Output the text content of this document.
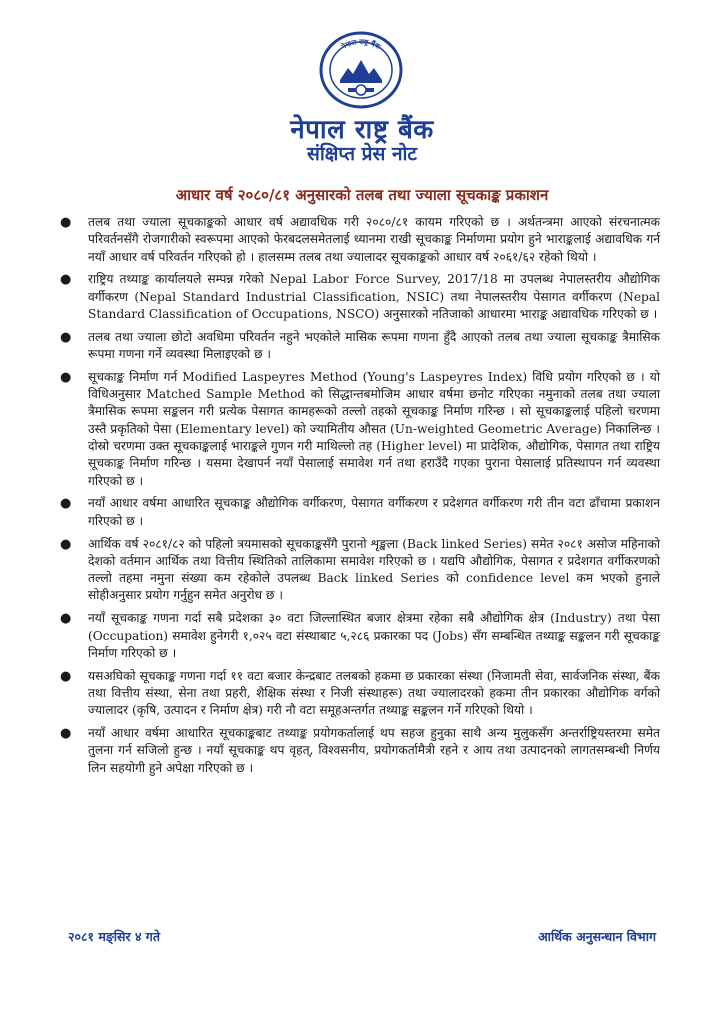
नेपाल राष्ट्र बैंक
नेपाल राष्ट्र बैंक
संक्षिप्त प्रेस नोट
आधार वर्ष २०८०/८१ अनुसारको तलब तथा ज्याला सूचकाङ्क प्रकाशन
● तलब तथा ज्याला सूचकाङ्कको आधार वर्ष अद्यावधिक गरी २०८०/८१ कायम गरिएको छ । अर्थतन्त्रमा आएको संरचनात्मक परिवर्तनसँगै रोजगारीको स्वरूपमा आएको फेरबदलसमेतलाई ध्यानमा राखी सूचकाङ्क निर्माणमा प्रयोग हुने भाराङ्कलाई अद्यावधिक गर्न नयाँ आधार वर्ष परिवर्तन गरिएको हो । हालसम्म तलब तथा ज्यालादर सूचकाङ्कको आधार वर्ष २०६१/६२ रहेको थियो ।
● राष्ट्रिय तथ्याङ्क कार्यालयले सम्पन्न गरेको Nepal Labor Force Survey, 2017/18 मा उपलब्ध नेपालस्तरीय औद्योगिक वर्गीकरण (Nepal Standard Industrial Classification, NSIC) तथा नेपालस्तरीय पेसागत वर्गीकरण (Nepal Standard Classification of Occupations, NSCO) अनुसारको नतिजाको आधारमा भाराङ्क अद्यावधिक गरिएको छ ।
● तलब तथा ज्याला छोटो अवधिमा परिवर्तन नहुने भएकोले मासिक रूपमा गणना हुँदै आएको तलब तथा ज्याला सूचकाङ्क त्रैमासिक रूपमा गणना गर्ने व्यवस्था मिलाइएको छ ।
● सूचकाङ्क निर्माण गर्न Modified Laspeyres Method (Young's Laspeyres Index) विधि प्रयोग गरिएको छ । यो विधिअनुसार Matched Sample Method को सिद्धान्तबमोजिम आधार वर्षमा छनोट गरिएका नमुनाको तलब तथा ज्याला त्रैमासिक रूपमा सङ्कलन गरी प्रत्येक पेसागत कामहरूको तल्लो तहको सूचकाङ्क निर्माण गरिन्छ । सो सूचकाङ्कलाई पहिलो चरणमा उस्तै प्रकृतिको पेसा (Elementary level) को ज्यामितीय औसत (Un-weighted Geometric Average) निकालिन्छ । दोस्रो चरणमा उक्त सूचकाङ्कलाई भाराङ्कले गुणन गरी माथिल्लो तह (Higher level) मा प्रादेशिक, औद्योगिक, पेसागत तथा राष्ट्रिय सूचकाङ्क निर्माण गरिन्छ । यसमा देखापर्न नयाँ पेसालाई समावेश गर्न तथा हराउँदै गएका पुराना पेसालाई प्रतिस्थापन गर्न व्यवस्था गरिएको छ ।
● नयाँ आधार वर्षमा आधारित सूचकाङ्क औद्योगिक वर्गीकरण, पेसागत वर्गीकरण र प्रदेशगत वर्गीकरण गरी तीन वटा ढाँचामा प्रकाशन गरिएको छ ।
● आर्थिक वर्ष २०८१/८२ को पहिलो त्रयमासको सूचकाङ्कसँगै पुरानो शृङ्खला (Back linked Series) समेत २०८१ असोज महिनाको देशको वर्तमान आर्थिक तथा वित्तीय स्थितिको तालिकामा समावेश गरिएको छ । यद्यपि औद्योगिक, पेसागत र प्रदेशगत वर्गीकरणको तल्लो तहमा नमुना संख्या कम रहेकोले उपलब्ध Back linked Series को confidence level कम भएको हुनाले सोहीअनुसार प्रयोग गर्नुहुन समेत अनुरोध छ ।
● नयाँ सूचकाङ्क गणना गर्दा सबै प्रदेशका ३० वटा जिल्लास्थित बजार क्षेत्रमा रहेका सबै औद्योगिक क्षेत्र (Industry) तथा पेसा (Occupation) समावेश हुनेगरी १,०२५ वटा संस्थाबाट ५,२८६ प्रकारका पद (Jobs) सँग सम्बन्धित तथ्याङ्क सङ्कलन गरी सूचकाङ्क निर्माण गरिएको छ ।
● यसअघिको सूचकाङ्क गणना गर्दा ११ वटा बजार केन्द्रबाट तलबको हकमा छ प्रकारका संस्था (निजामती सेवा, सार्वजनिक संस्था, बैंक तथा वित्तीय संस्था, सेना तथा प्रहरी, शैक्षिक संस्था र निजी संस्थाहरू) तथा ज्यालादरको हकमा तीन प्रकारका औद्योगिक वर्गको ज्यालादर (कृषि, उत्पादन र निर्माण क्षेत्र) गरी नौ वटा समूहअन्तर्गत तथ्याङ्क सङ्कलन गर्ने गरिएको थियो ।
● नयाँ आधार वर्षमा आधारित सूचकाङ्कबाट तथ्याङ्क प्रयोगकर्तालाई थप सहज हुनुका साथै अन्य मुलुकसँग अन्तर्राष्ट्रियस्तरमा समेत तुलना गर्न सजिलो हुन्छ । नयाँ सूचकाङ्क थप वृहत्, विश्वसनीय, प्रयोगकर्तामैत्री रहने र आय तथा उत्पादनको लागतसम्बन्धी निर्णय लिन सहयोगी हुने अपेक्षा गरिएको छ ।
२०८१ मङ्सिर ४ गते	आर्थिक अनुसन्धान विभाग
